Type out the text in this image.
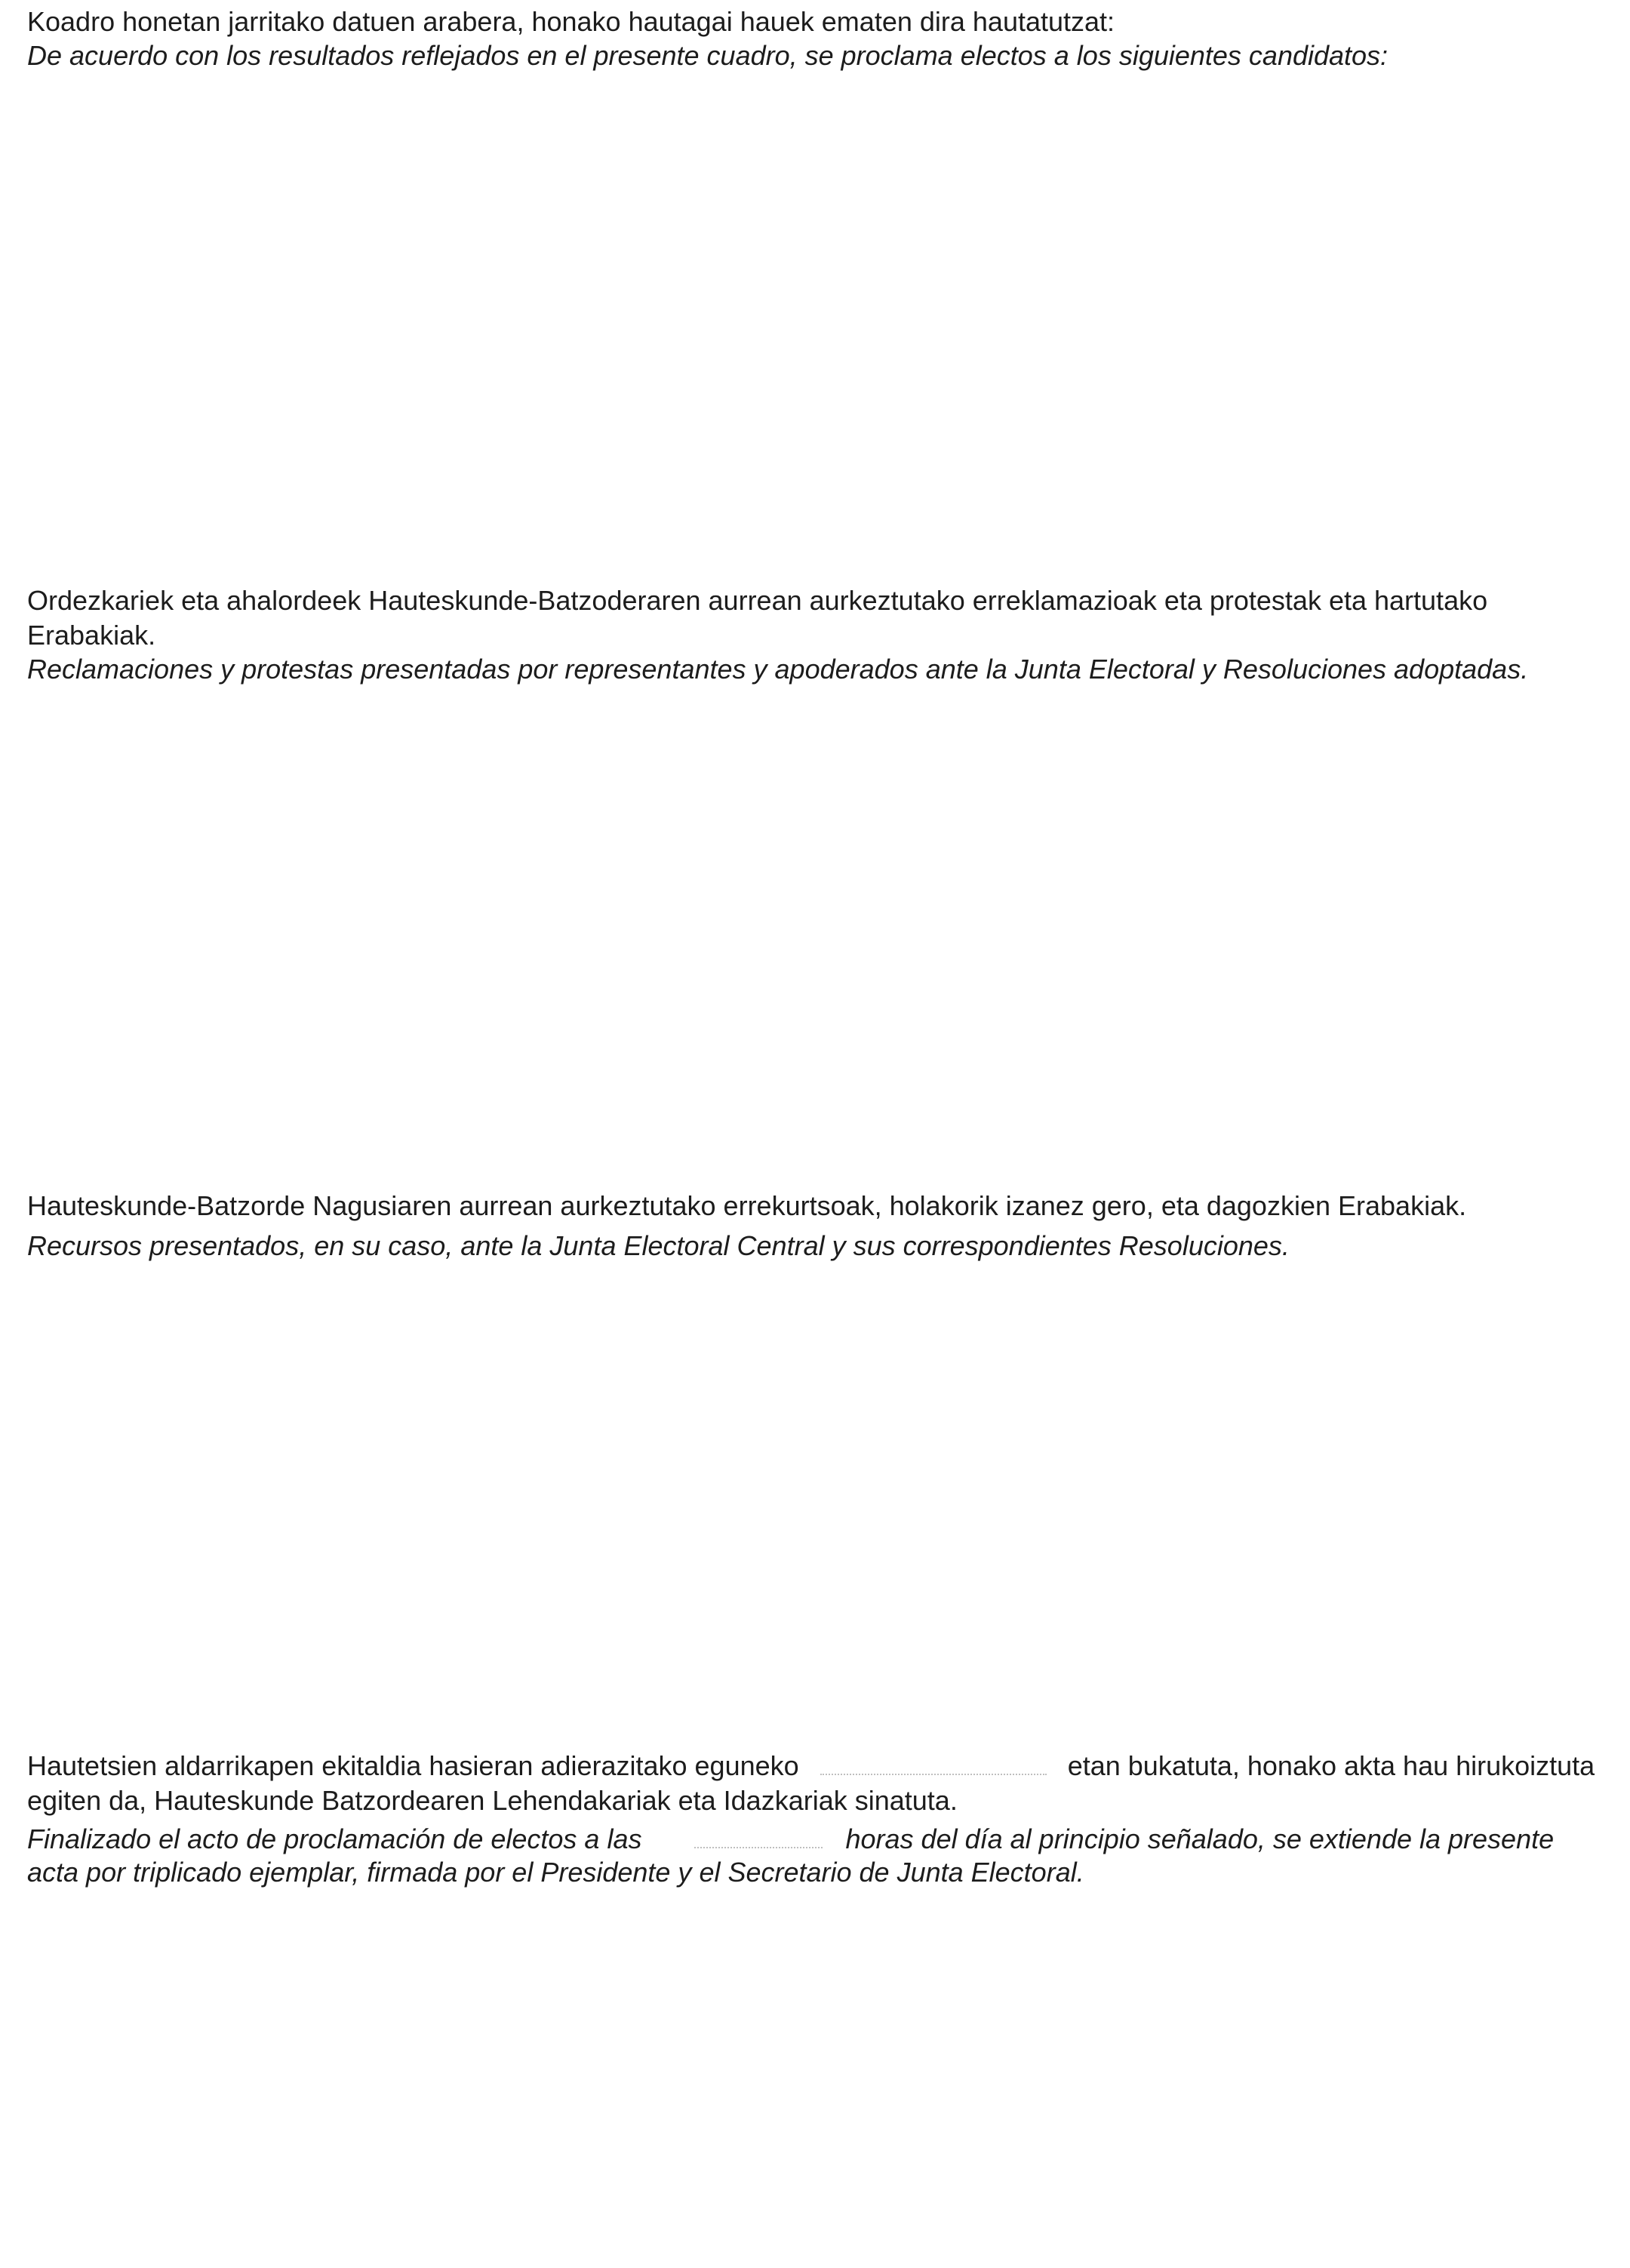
Koadro honetan jarritako datuen arabera, honako hautagai hauek ematen dira hautatutzat:

De acuerdo con los resultados reflejados en el presente cuadro, se proclama electos a los siguientes candidatos:

Ordezkariek eta ahalordeek Hauteskunde-Batzoderaren aurrean aurkeztutako erreklamazioak eta protestak eta hartutako Erabakiak.

Reclamaciones y protestas presentadas por representantes y apoderados ante la Junta Electoral y Resoluciones adoptadas.

Hauteskunde-Batzorde Nagusiaren aurrean aurkeztutako errekurtsoak, holakorik izanez gero, eta dagozkien Erabakiak.

Recursos presentados, en su caso, ante la Junta Electoral Central y sus correspondientes Resoluciones.

Hautetsien aldarrikapen ekitaldia hasieran adierazitako eguneko	etan bukatuta, honako akta hau hirukoiztuta egiten da, Hauteskunde Batzordearen Lehendakariak eta Idazkariak sinatuta.

Finalizado el acto de proclamación de electos a las	horas del día al principio señalado, se extiende la presente acta por triplicado ejemplar, firmada por el Presidente y el Secretario de Junta Electoral.
